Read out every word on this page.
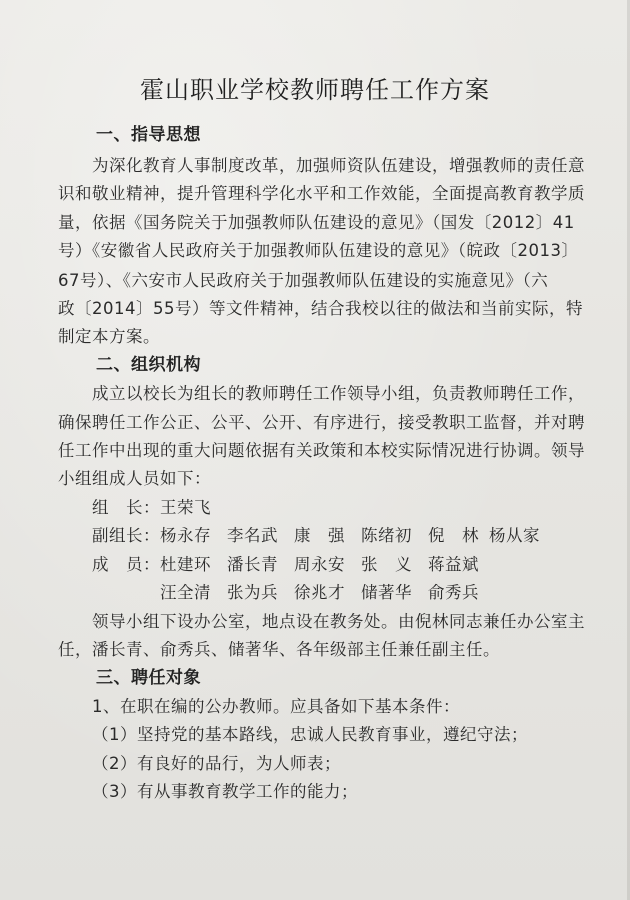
霍山职业学校教师聘任工作方案
一、指导思想
为深化教育人事制度改革，加强师资队伍建设，增强教师的责任意
识和敬业精神，提升管理科学化水平和工作效能，全面提高教育教学质
量，依据《国务院关于加强教师队伍建设的意见》（国发〔2012〕41
号）《安徽省人民政府关于加强教师队伍建设的意见》（皖政〔2013〕
67号）、《六安市人民政府关于加强教师队伍建设的实施意见》（六
政〔2014〕55号）等文件精神，结合我校以往的做法和当前实际，特
制定本方案。
二、组织机构
成立以校长为组长的教师聘任工作领导小组，负责教师聘任工作，
确保聘任工作公正、公平、公开、有序进行，接受教职工监督，并对聘
任工作中出现的重大问题依据有关政策和本校实际情况进行协调。领导
小组组成人员如下：
组　长：王荣飞
副组长：杨永存 李名武 康　强 陈绪初 倪　林 杨从家
成　员：杜建环 潘长青 周永安 张　义 蒋益斌
汪全清 张为兵 徐兆才 储著华 俞秀兵
领导小组下设办公室，地点设在教务处。由倪林同志兼任办公室主
任，潘长青、俞秀兵、储著华、各年级部主任兼任副主任。
三、聘任对象
1、在职在编的公办教师。应具备如下基本条件：
（1）坚持党的基本路线，忠诚人民教育事业，遵纪守法；
（2）有良好的品行，为人师表；
（3）有从事教育教学工作的能力；
